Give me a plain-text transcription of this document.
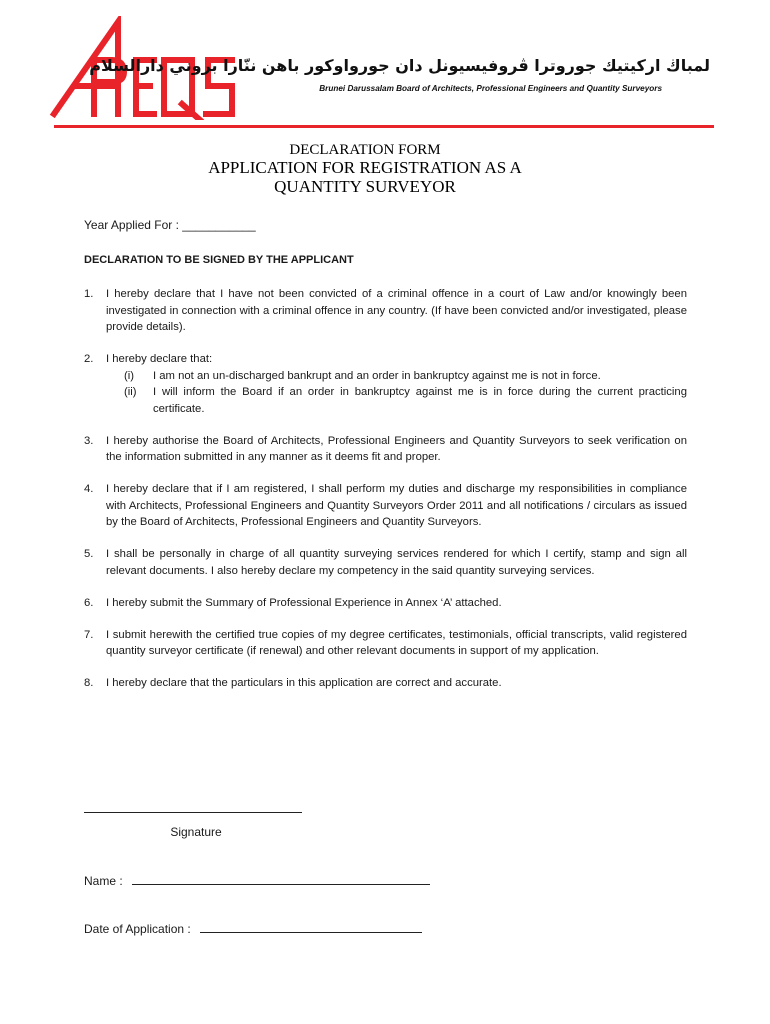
لمباڬ اركيتيك جوروترا ڤروفيسيونل دان جورواوكور باهن ننّارا بروني دارالسلام
Brunei Darussalam Board of Architects, Professional Engineers and Quantity Surveyors
DECLARATION FORM
APPLICATION FOR REGISTRATION AS A
QUANTITY SURVEYOR
Year Applied For : ___________
DECLARATION TO BE SIGNED BY THE APPLICANT
1. I hereby declare that I have not been convicted of a criminal offence in a court of Law and/or knowingly been investigated in connection with a criminal offence in any country. (If have been convicted and/or investigated, please provide details).
2. I hereby declare that:
(i) I am not an un-discharged bankrupt and an order in bankruptcy against me is not in force.
(ii) I will inform the Board if an order in bankruptcy against me is in force during the current practicing certificate.
3. I hereby authorise the Board of Architects, Professional Engineers and Quantity Surveyors to seek verification on the information submitted in any manner as it deems fit and proper.
4. I hereby declare that if I am registered, I shall perform my duties and discharge my responsibilities in compliance with Architects, Professional Engineers and Quantity Surveyors Order 2011 and all notifications / circulars as issued by the Board of Architects, Professional Engineers and Quantity Surveyors.
5. I shall be personally in charge of all quantity surveying services rendered for which I certify, stamp and sign all relevant documents. I also hereby declare my competency in the said quantity surveying services.
6. I hereby submit the Summary of Professional Experience in Annex ‘A’ attached.
7. I submit herewith the certified true copies of my degree certificates, testimonials, official transcripts, valid registered quantity surveyor certificate (if renewal) and other relevant documents in support of my application.
8. I hereby declare that the particulars in this application are correct and accurate.
Signature
Name :
Date of Application :
